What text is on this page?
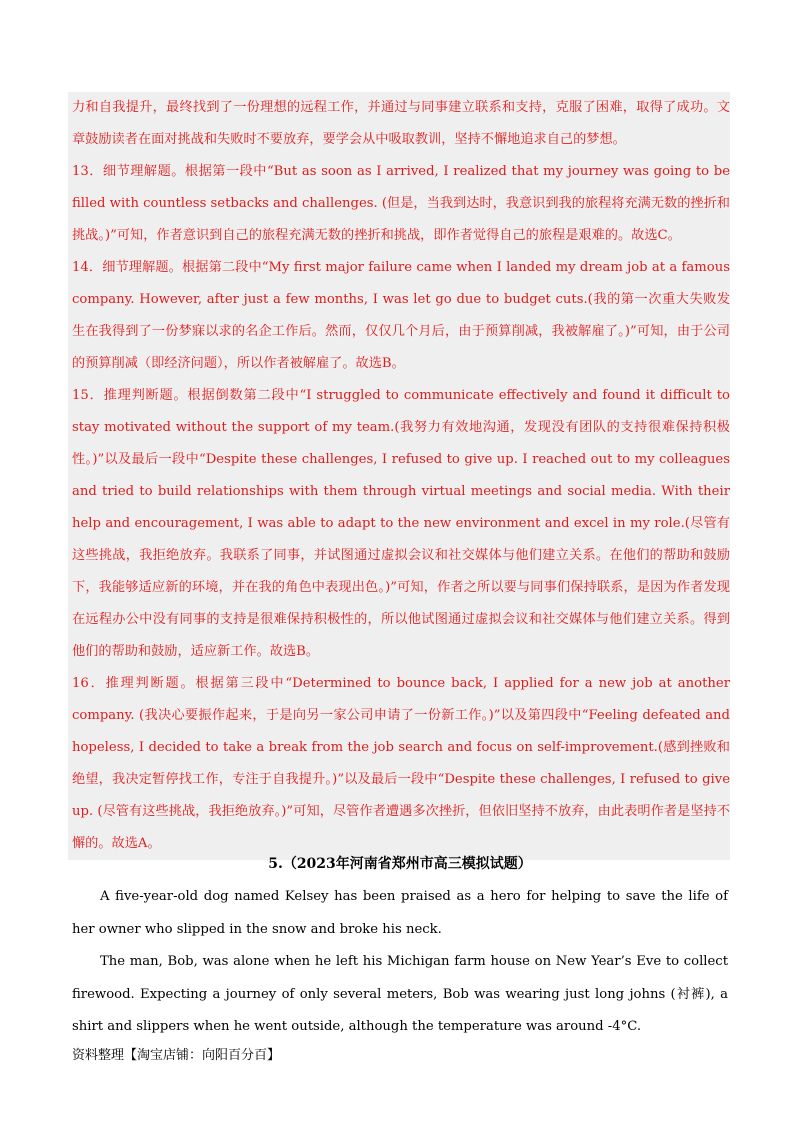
力和自我提升，最终找到了一份理想的远程工作，并通过与同事建立联系和支持，克服了困难，取得了成功。文章鼓励读者在面对挑战和失败时不要放弃，要学会从中吸取教训，坚持不懈地追求自己的梦想。

13．细节理解题。根据第一段中“But as soon as I arrived, I realized that my journey was going to be filled with countless setbacks and challenges. (但是，当我到达时，我意识到我的旅程将充满无数的挫折和挑战。)”可知，作者意识到自己的旅程充满无数的挫折和挑战，即作者觉得自己的旅程是艰难的。故选C。

14．细节理解题。根据第二段中“My first major failure came when I landed my dream job at a famous company. However, after just a few months, I was let go due to budget cuts.(我的第一次重大失败发生在我得到了一份梦寐以求的名企工作后。然而，仅仅几个月后，由于预算削减，我被解雇了。)”可知，由于公司的预算削减（即经济问题），所以作者被解雇了。故选B。

15．推理判断题。根据倒数第二段中“I struggled to communicate effectively and found it difficult to stay motivated without the support of my team.(我努力有效地沟通，发现没有团队的支持很难保持积极性。)”以及最后一段中“Despite these challenges, I refused to give up. I reached out to my colleagues and tried to build relationships with them through virtual meetings and social media. With their help and encouragement, I was able to adapt to the new environment and excel in my role.(尽管有这些挑战，我拒绝放弃。我联系了同事，并试图通过虚拟会议和社交媒体与他们建立关系。在他们的帮助和鼓励下，我能够适应新的环境，并在我的角色中表现出色。)”可知，作者之所以要与同事们保持联系，是因为作者发现在远程办公中没有同事的支持是很难保持积极性的，所以他试图通过虚拟会议和社交媒体与他们建立关系。得到他们的帮助和鼓励，适应新工作。故选B。

16．推理判断题。根据第三段中“Determined to bounce back, I applied for a new job at another company. (我决心要振作起来，于是向另一家公司申请了一份新工作。)”以及第四段中“Feeling defeated and hopeless, I decided to take a break from the job search and focus on self-improvement.(感到挫败和绝望，我决定暂停找工作，专注于自我提升。)”以及最后一段中“Despite these challenges, I refused to give up. (尽管有这些挑战，我拒绝放弃。)”可知，尽管作者遭遇多次挫折，但依旧坚持不放弃，由此表明作者是坚持不懈的。故选A。

5.（2023年河南省郑州市高三模拟试题）

A five-year-old dog named Kelsey has been praised as a hero for helping to save the life of her owner who slipped in the snow and broke his neck.

The man, Bob, was alone when he left his Michigan farm house on New Year’s Eve to collect firewood. Expecting a journey of only several meters, Bob was wearing just long johns (衬裤), a shirt and slippers when he went outside, although the temperature was around -4°C.

资料整理【淘宝店铺：向阳百分百】
